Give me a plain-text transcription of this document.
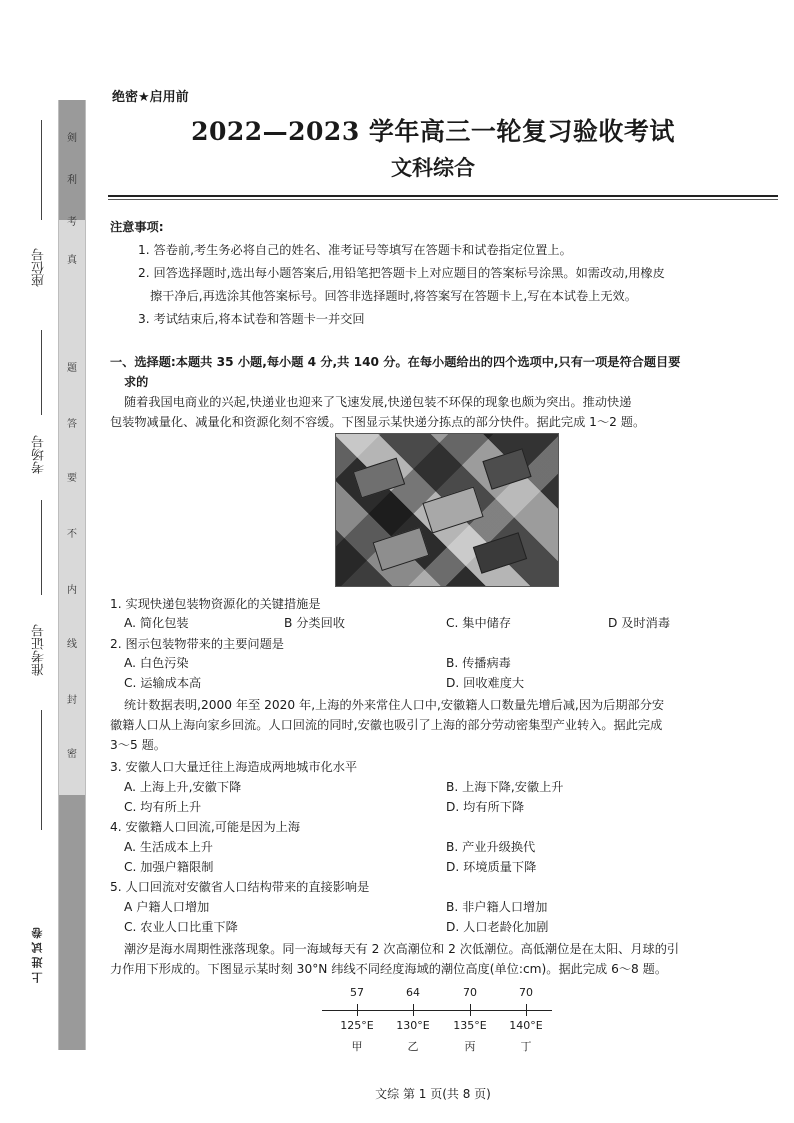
剣
利
考
真
题
答
要
不
内
线
封
密
座位号
考场号
准考证号
上 进 试 卷
绝密★启用前
2022—2023 学年高三一轮复习验收考试
文科综合
注意事项:
1. 答卷前,考生务必将自己的姓名、准考证号等填写在答题卡和试卷指定位置上。
2. 回答选择题时,选出每小题答案后,用铅笔把答题卡上对应题目的答案标号涂黑。如需改动,用橡皮
擦干净后,再选涂其他答案标号。回答非选择题时,将答案写在答题卡上,写在本试卷上无效。
3. 考试结束后,将本试卷和答题卡一并交回
一、选择题:本题共 35 小题,每小题 4 分,共 140 分。在每小题给出的四个选项中,只有一项是符合题目要
求的
随着我国电商业的兴起,快递业也迎来了飞速发展,快递包装不环保的现象也颇为突出。推动快递
包装物减量化、减量化和资源化刻不容缓。下图显示某快递分拣点的部分快件。据此完成 1～2 题。
1. 实现快递包装物资源化的关键措施是
A. 简化包装	B 分类回收	C. 集中储存	D 及时消毒
2. 图示包装物带来的主要问题是
A. 白色污染	B. 传播病毒
C. 运输成本高	D. 回收难度大
统计数据表明,2000 年至 2020 年,上海的外来常住人口中,安徽籍人口数量先增后减,因为后期部分安
徽籍人口从上海向家乡回流。人口回流的同时,安徽也吸引了上海的部分劳动密集型产业转入。据此完成
3～5 题。
3. 安徽人口大量迁往上海造成两地城市化水平
A. 上海上升,安徽下降	B. 上海下降,安徽上升
C. 均有所上升	D. 均有所下降
4. 安徽籍人口回流,可能是因为上海
A. 生活成本上升	B. 产业升级换代
C. 加强户籍限制	D. 环境质量下降
5. 人口回流对安徽省人口结构带来的直接影响是
A 户籍人口增加	B. 非户籍人口增加
C. 农业人口比重下降	D. 人口老龄化加剧
潮汐是海水周期性涨落现象。同一海域每天有 2 次高潮位和 2 次低潮位。高低潮位是在太阳、月球的引
力作用下形成的。下图显示某时刻 30°N 纬线不同经度海域的潮位高度(单位:cm)。据此完成 6～8 题。
57	64	70	70
125°E	130°E	135°E	140°E
甲	乙	丙	丁
文综 第 1 页(共 8 页)
